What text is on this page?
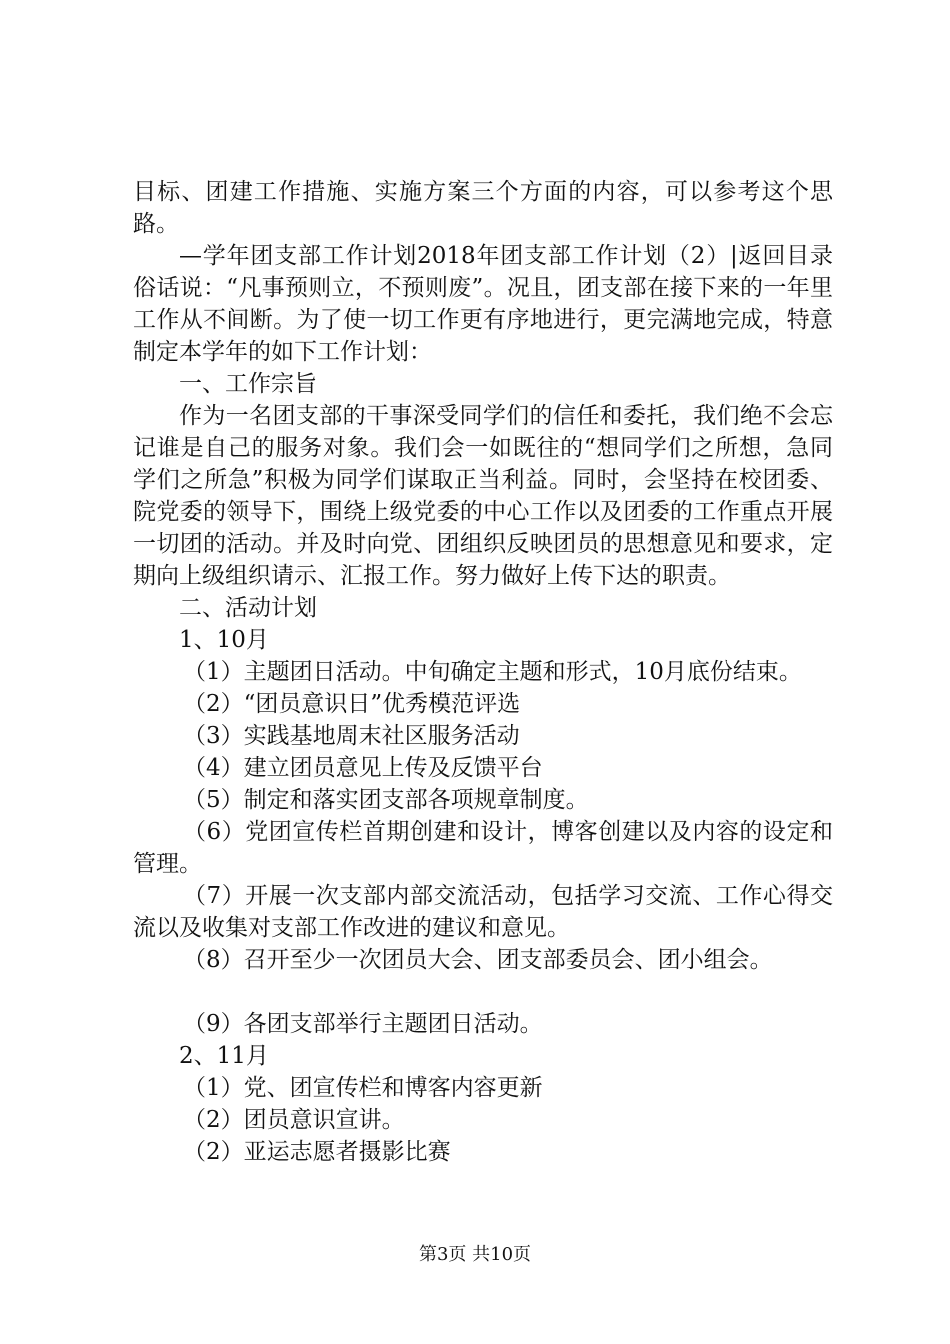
目标、团建工作措施、实施方案三个方面的内容，可以参考这个思路。

—学年团支部工作计划2018年团支部工作计划（2）|返回目录俗话说：“凡事预则立，不预则废”。况且，团支部在接下来的一年里工作从不间断。为了使一切工作更有序地进行，更完满地完成，特意制定本学年的如下工作计划：

一、工作宗旨

作为一名团支部的干事深受同学们的信任和委托，我们绝不会忘记谁是自己的服务对象。我们会一如既往的“想同学们之所想，急同学们之所急”积极为同学们谋取正当利益。同时，会坚持在校团委、院党委的领导下，围绕上级党委的中心工作以及团委的工作重点开展一切团的活动。并及时向党、团组织反映团员的思想意见和要求，定期向上级组织请示、汇报工作。努力做好上传下达的职责。

二、活动计划

1、10月

（1）主题团日活动。中旬确定主题和形式，10月底份结束。

（2）“团员意识日”优秀模范评选

（3）实践基地周末社区服务活动

（4）建立团员意见上传及反馈平台

（5）制定和落实团支部各项规章制度。

（6）党团宣传栏首期创建和设计，博客创建以及内容的设定和管理。

（7）开展一次支部内部交流活动，包括学习交流、工作心得交流以及收集对支部工作改进的建议和意见。

（8）召开至少一次团员大会、团支部委员会、团小组会。

（9）各团支部举行主题团日活动。

2、11月

（1）党、团宣传栏和博客内容更新

（2）团员意识宣讲。

（2）亚运志愿者摄影比赛

第3页 共10页
